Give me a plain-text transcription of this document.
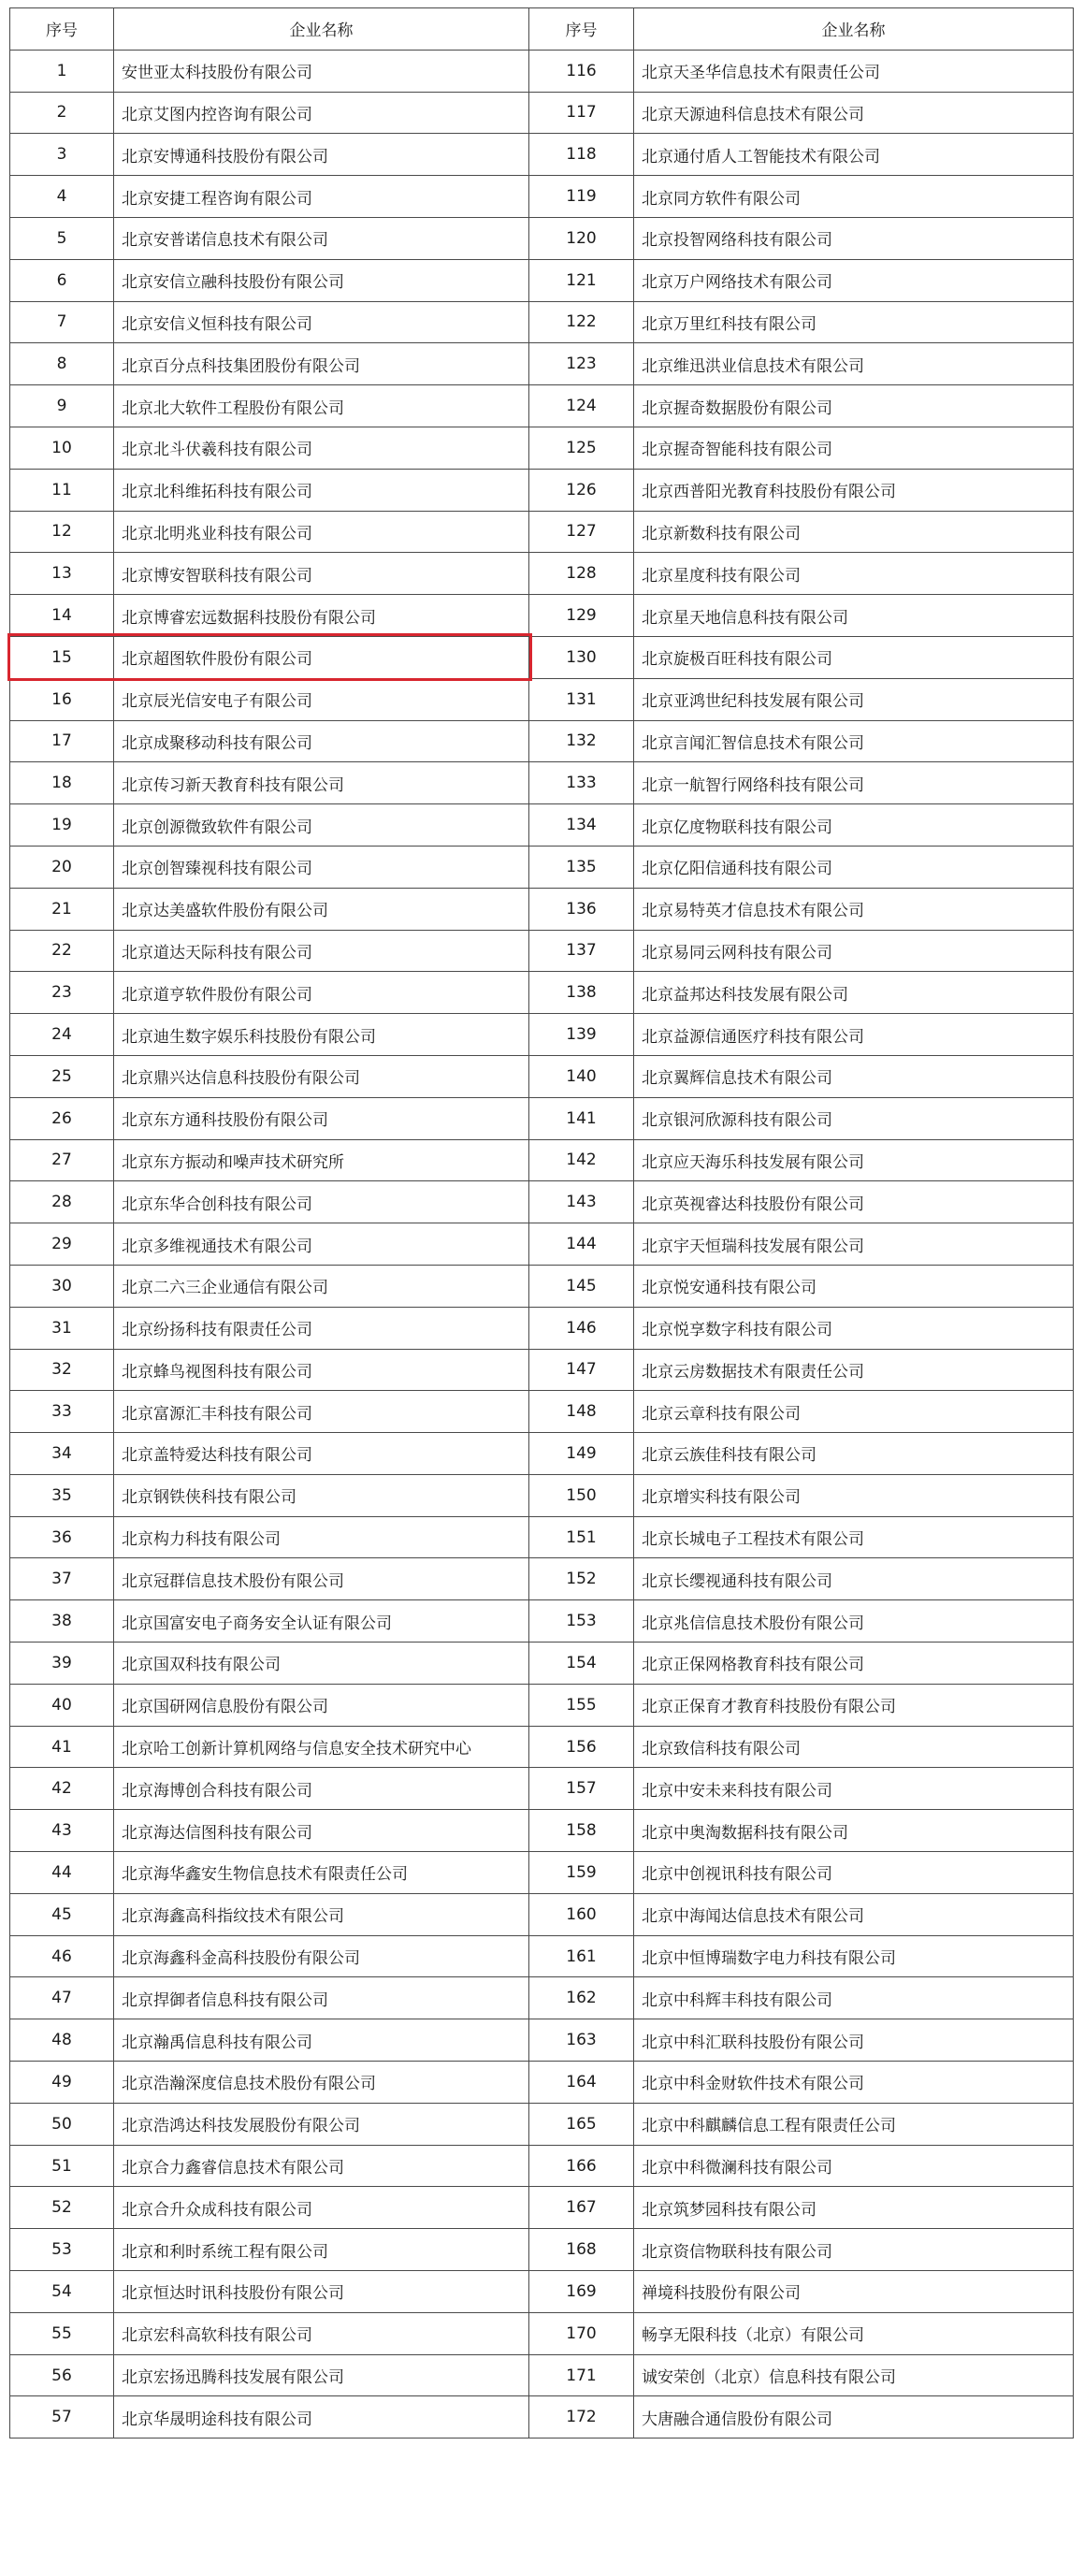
序号	企业名称	序号	企业名称
1	安世亚太科技股份有限公司	116	北京天圣华信息技术有限责任公司
2	北京艾图内控咨询有限公司	117	北京天源迪科信息技术有限公司
3	北京安博通科技股份有限公司	118	北京通付盾人工智能技术有限公司
4	北京安捷工程咨询有限公司	119	北京同方软件有限公司
5	北京安普诺信息技术有限公司	120	北京投智网络科技有限公司
6	北京安信立融科技股份有限公司	121	北京万户网络技术有限公司
7	北京安信义恒科技有限公司	122	北京万里红科技有限公司
8	北京百分点科技集团股份有限公司	123	北京维迅洪业信息技术有限公司
9	北京北大软件工程股份有限公司	124	北京握奇数据股份有限公司
10	北京北斗伏羲科技有限公司	125	北京握奇智能科技有限公司
11	北京北科维拓科技有限公司	126	北京西普阳光教育科技股份有限公司
12	北京北明兆业科技有限公司	127	北京新数科技有限公司
13	北京博安智联科技有限公司	128	北京星度科技有限公司
14	北京博睿宏远数据科技股份有限公司	129	北京星天地信息科技有限公司
15	北京超图软件股份有限公司	130	北京旋极百旺科技有限公司
16	北京辰光信安电子有限公司	131	北京亚鸿世纪科技发展有限公司
17	北京成聚移动科技有限公司	132	北京言闻汇智信息技术有限公司
18	北京传习新天教育科技有限公司	133	北京一航智行网络科技有限公司
19	北京创源微致软件有限公司	134	北京亿度物联科技有限公司
20	北京创智臻视科技有限公司	135	北京亿阳信通科技有限公司
21	北京达美盛软件股份有限公司	136	北京易特英才信息技术有限公司
22	北京道达天际科技有限公司	137	北京易同云网科技有限公司
23	北京道亨软件股份有限公司	138	北京益邦达科技发展有限公司
24	北京迪生数字娱乐科技股份有限公司	139	北京益源信通医疗科技有限公司
25	北京鼎兴达信息科技股份有限公司	140	北京翼辉信息技术有限公司
26	北京东方通科技股份有限公司	141	北京银河欣源科技有限公司
27	北京东方振动和噪声技术研究所	142	北京应天海乐科技发展有限公司
28	北京东华合创科技有限公司	143	北京英视睿达科技股份有限公司
29	北京多维视通技术有限公司	144	北京宇天恒瑞科技发展有限公司
30	北京二六三企业通信有限公司	145	北京悦安通科技有限公司
31	北京纷扬科技有限责任公司	146	北京悦享数字科技有限公司
32	北京蜂鸟视图科技有限公司	147	北京云房数据技术有限责任公司
33	北京富源汇丰科技有限公司	148	北京云章科技有限公司
34	北京盖特爱达科技有限公司	149	北京云族佳科技有限公司
35	北京钢铁侠科技有限公司	150	北京增实科技有限公司
36	北京构力科技有限公司	151	北京长城电子工程技术有限公司
37	北京冠群信息技术股份有限公司	152	北京长缨视通科技有限公司
38	北京国富安电子商务安全认证有限公司	153	北京兆信信息技术股份有限公司
39	北京国双科技有限公司	154	北京正保网格教育科技有限公司
40	北京国研网信息股份有限公司	155	北京正保育才教育科技股份有限公司
41	北京哈工创新计算机网络与信息安全技术研究中心	156	北京致信科技有限公司
42	北京海博创合科技有限公司	157	北京中安未来科技有限公司
43	北京海达信图科技有限公司	158	北京中奥淘数据科技有限公司
44	北京海华鑫安生物信息技术有限责任公司	159	北京中创视讯科技有限公司
45	北京海鑫高科指纹技术有限公司	160	北京中海闻达信息技术有限公司
46	北京海鑫科金高科技股份有限公司	161	北京中恒博瑞数字电力科技有限公司
47	北京捍御者信息科技有限公司	162	北京中科辉丰科技有限公司
48	北京瀚禹信息科技有限公司	163	北京中科汇联科技股份有限公司
49	北京浩瀚深度信息技术股份有限公司	164	北京中科金财软件技术有限公司
50	北京浩鸿达科技发展股份有限公司	165	北京中科麒麟信息工程有限责任公司
51	北京合力鑫睿信息技术有限公司	166	北京中科微澜科技有限公司
52	北京合升众成科技有限公司	167	北京筑梦园科技有限公司
53	北京和利时系统工程有限公司	168	北京资信物联科技有限公司
54	北京恒达时讯科技股份有限公司	169	禅境科技股份有限公司
55	北京宏科高软科技有限公司	170	畅享无限科技（北京）有限公司
56	北京宏扬迅腾科技发展有限公司	171	诚安荣创（北京）信息科技有限公司
57	北京华晟明途科技有限公司	172	大唐融合通信股份有限公司
